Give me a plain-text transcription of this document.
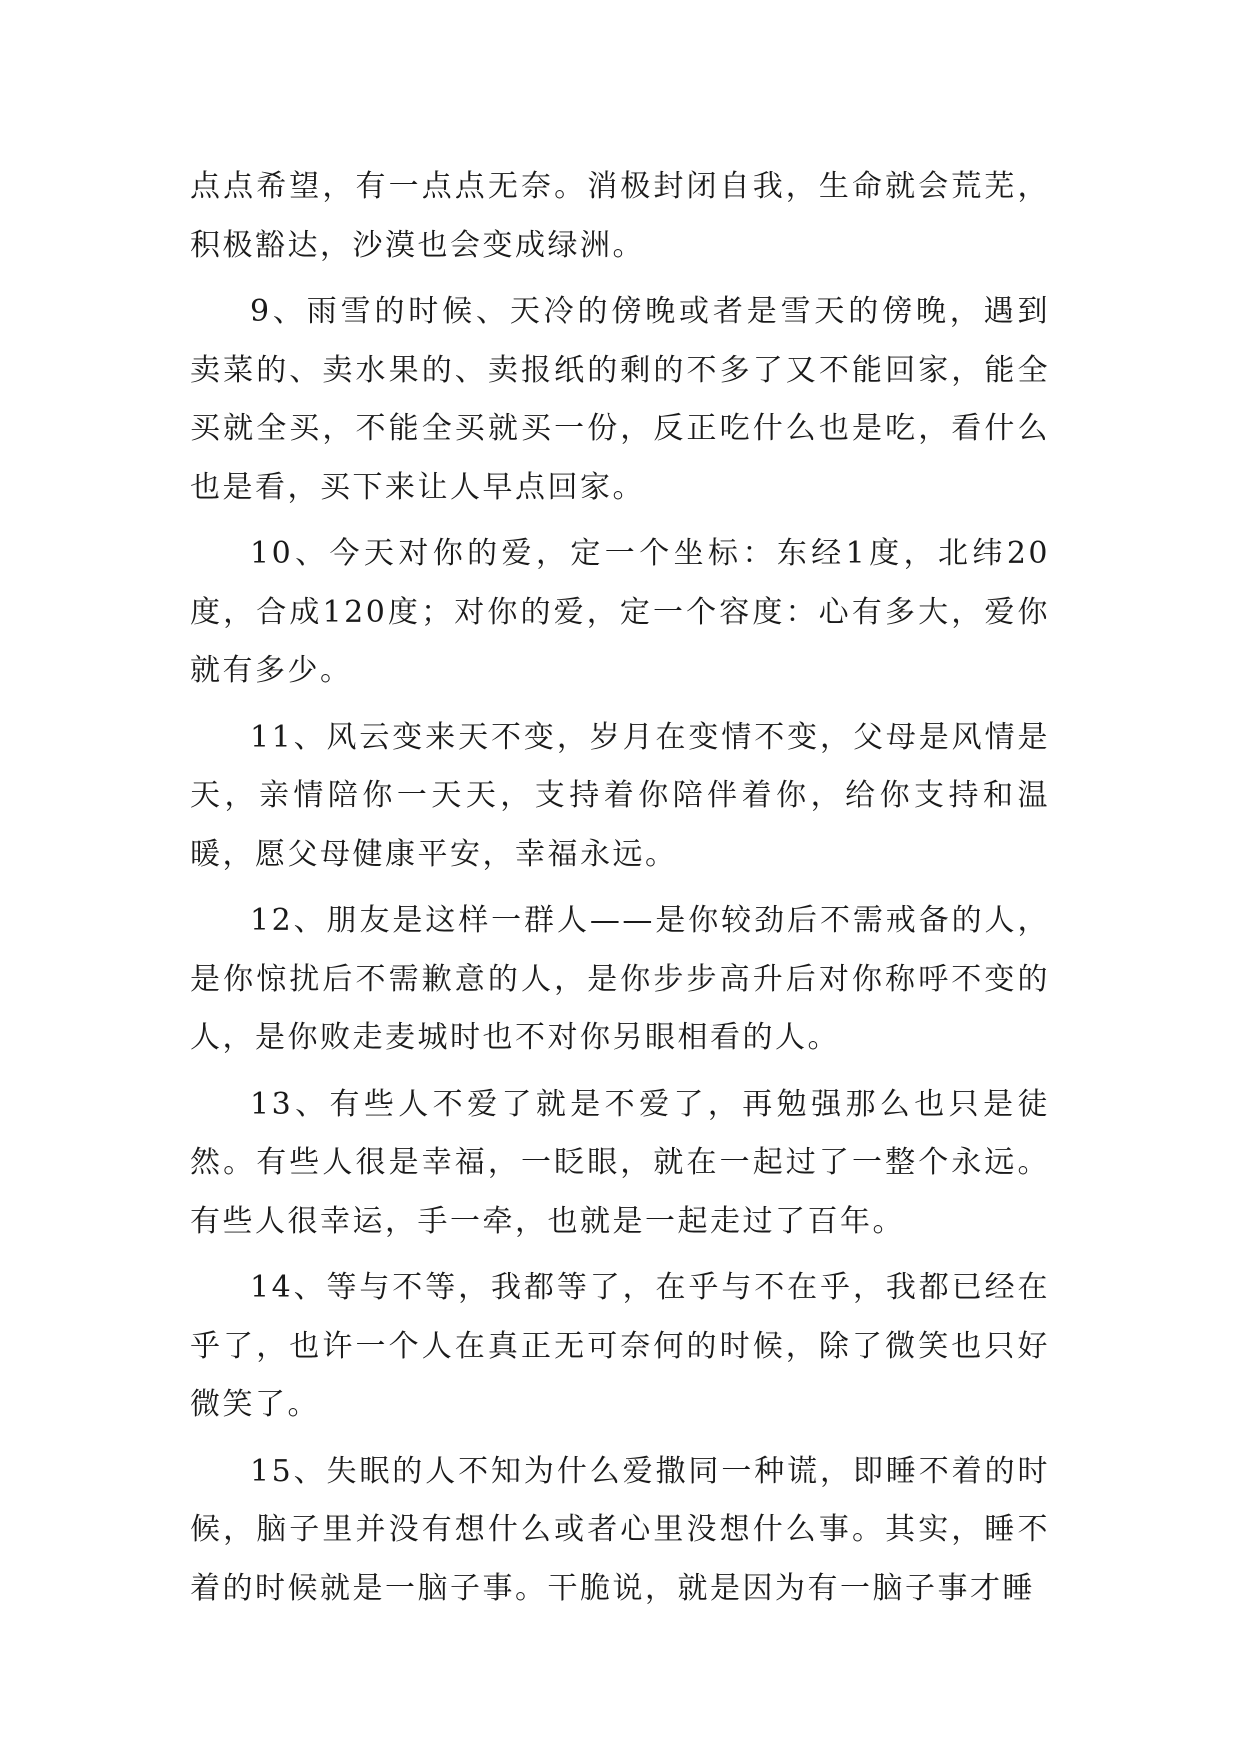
点点希望，有一点点无奈。消极封闭自我，生命就会荒芜，积极豁达，沙漠也会变成绿洲。

9、雨雪的时候、天冷的傍晚或者是雪天的傍晚，遇到卖菜的、卖水果的、卖报纸的剩的不多了又不能回家，能全买就全买，不能全买就买一份，反正吃什么也是吃，看什么也是看，买下来让人早点回家。

10、今天对你的爱，定一个坐标：东经1度，北纬20度，合成120度；对你的爱，定一个容度：心有多大，爱你就有多少。

11、风云变来天不变，岁月在变情不变，父母是风情是天，亲情陪你一天天，支持着你陪伴着你，给你支持和温暖，愿父母健康平安，幸福永远。

12、朋友是这样一群人——是你较劲后不需戒备的人，是你惊扰后不需歉意的人，是你步步高升后对你称呼不变的人，是你败走麦城时也不对你另眼相看的人。

13、有些人不爱了就是不爱了，再勉强那么也只是徒然。有些人很是幸福，一眨眼，就在一起过了一整个永远。有些人很幸运，手一牵，也就是一起走过了百年。

14、等与不等，我都等了，在乎与不在乎，我都已经在乎了，也许一个人在真正无可奈何的时候，除了微笑也只好微笑了。

15、失眠的人不知为什么爱撒同一种谎，即睡不着的时候，脑子里并没有想什么或者心里没想什么事。其实，睡不着的时候就是一脑子事。干脆说，就是因为有一脑子事才睡
